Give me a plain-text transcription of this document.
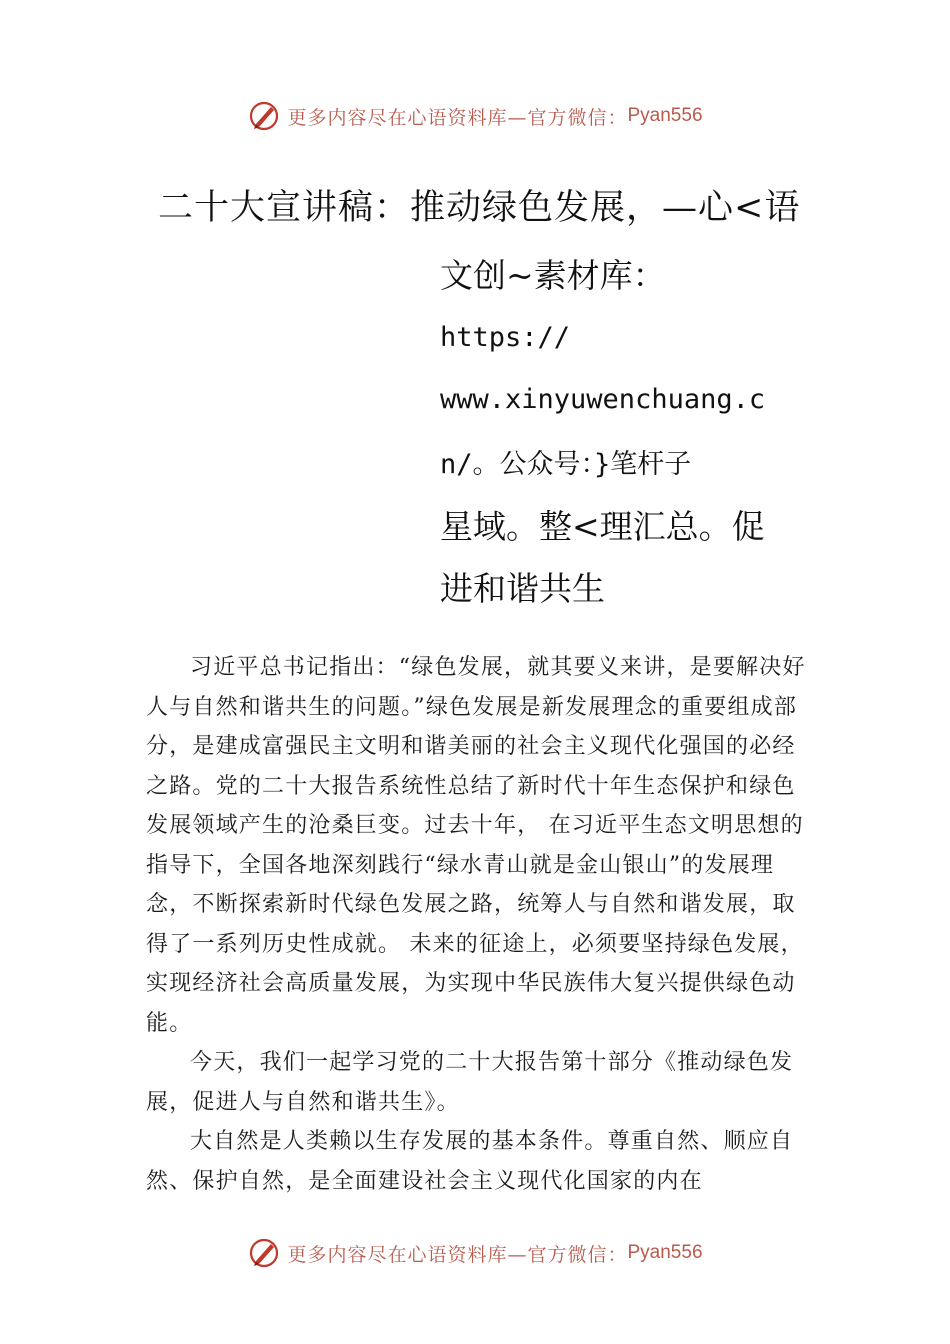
更多内容尽在心语资料库—官方微信： Pyan556
二十大宣讲稿：推动绿色发展，—心<语
文创~素材库：
https://
www.xinyuwenchuang.c
n/。公众号：}笔杆子
星域。整<理汇总。促
进和谐共生

习近平总书记指出：“绿色发展，就其要义来讲，是要解决好人与自然和谐共生的问题。”绿色发展是新发展理念的重要组成部分，是建成富强民主文明和谐美丽的社会主义现代化强国的必经之路。党的二十大报告系统性总结了新时代十年生态保护和绿色发展领域产生的沧桑巨变。过去十年， 在习近平生态文明思想的指导下，全国各地深刻践行“绿水青山就是金山银山”的发展理念，不断探索新时代绿色发展之路，统筹人与自然和谐发展，取得了一系列历史性成就。 未来的征途上，必须要坚持绿色发展，实现经济社会高质量发展，为实现中华民族伟大复兴提供绿色动能。

今天，我们一起学习党的二十大报告第十部分《推动绿色发展，促进人与自然和谐共生》。

大自然是人类赖以生存发展的基本条件。尊重自然、顺应自然、保护自然，是全面建设社会主义现代化国家的内在

更多内容尽在心语资料库—官方微信： Pyan556
